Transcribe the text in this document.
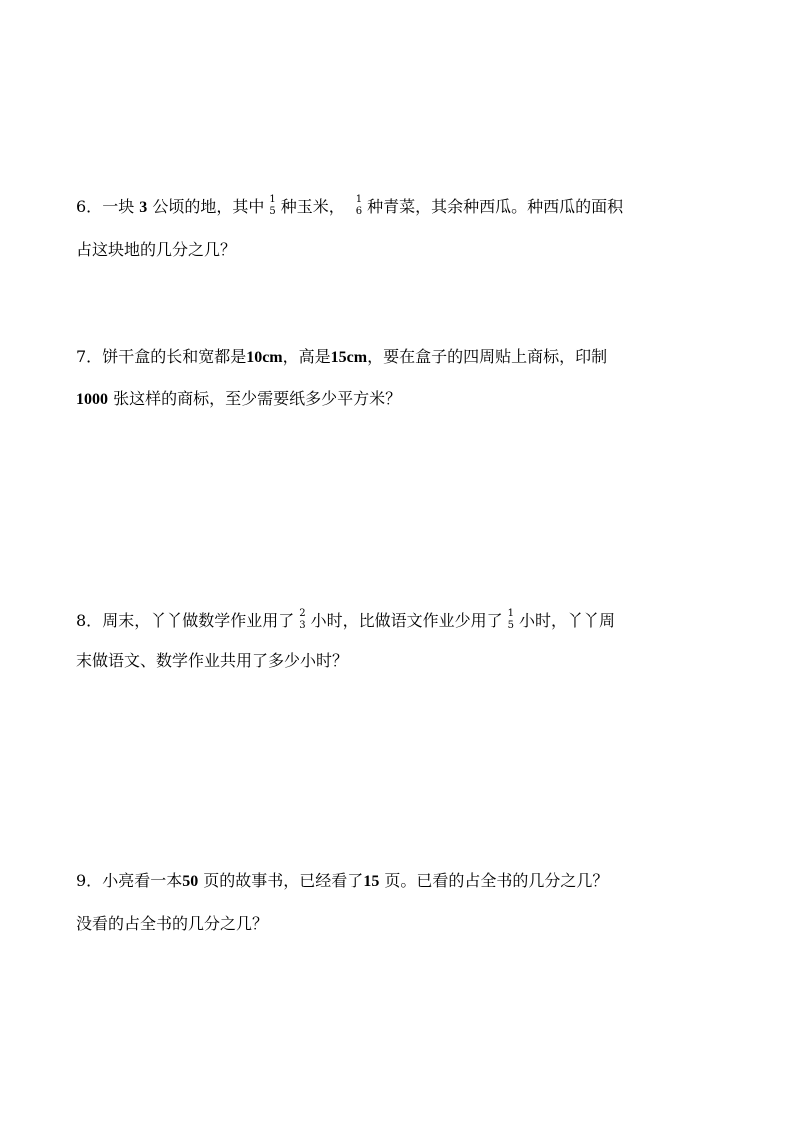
6．一块 3 公顷的地，其中 1
5 种玉米， 1
6 种青菜，其余种西瓜。种西瓜的面积
占这块地的几分之几？
7．饼干盒的长和宽都是10cm，高是15cm，要在盒子的四周贴上商标，印制
1000 张这样的商标，至少需要纸多少平方米？
8．周末，丫丫做数学作业用了 2
3 小时，比做语文作业少用了 1
5 小时，丫丫周
末做语文、数学作业共用了多少小时？
9．小亮看一本50 页的故事书，已经看了15 页。已看的占全书的几分之几？
没看的占全书的几分之几？
